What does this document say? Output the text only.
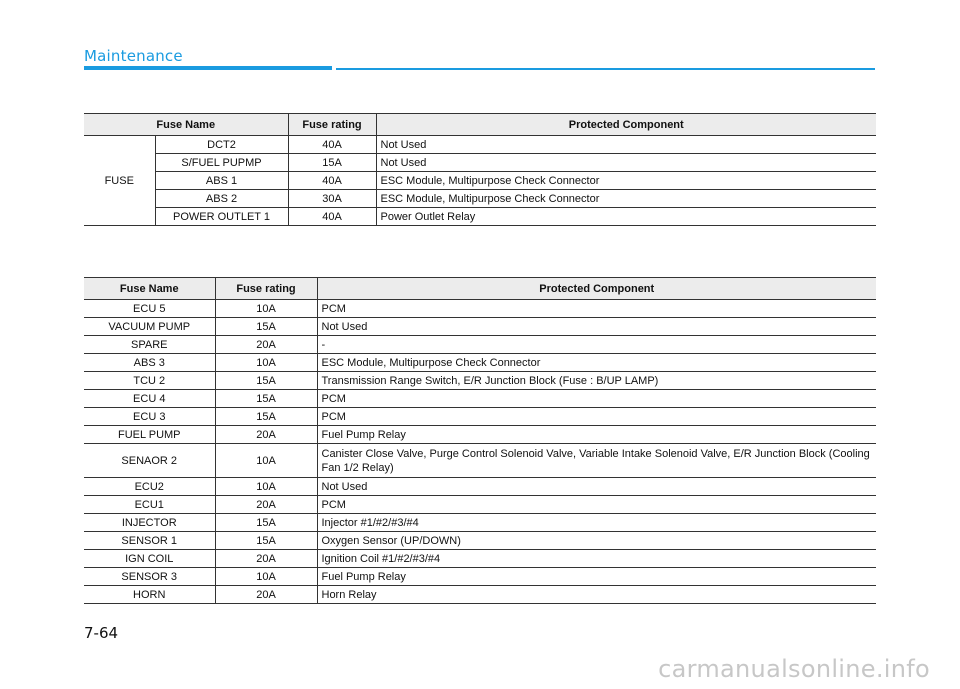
Maintenance
Fuse Name		Fuse rating	Protected Component
FUSE	DCT2	40A	Not Used
	S/FUEL PUPMP	15A	Not Used
	ABS 1	40A	ESC Module, Multipurpose Check Connector
	ABS 2	30A	ESC Module, Multipurpose Check Connector
	POWER OUTLET 1	40A	Power Outlet Relay
Fuse Name	Fuse rating	Protected Component
ECU 5	10A	PCM
VACUUM PUMP	15A	Not Used
SPARE	20A	-
ABS 3	10A	ESC Module, Multipurpose Check Connector
TCU 2	15A	Transmission Range Switch, E/R Junction Block (Fuse : B/UP LAMP)
ECU 4	15A	PCM
ECU 3	15A	PCM
FUEL PUMP	20A	Fuel Pump Relay
SENAOR 2	10A	Canister Close Valve, Purge Control Solenoid Valve, Variable Intake Solenoid Valve, E/R Junction Block (Cooling Fan 1/2 Relay)
ECU2	10A	Not Used
ECU1	20A	PCM
INJECTOR	15A	Injector #1/#2/#3/#4
SENSOR 1	15A	Oxygen Sensor (UP/DOWN)
IGN COIL	20A	Ignition Coil #1/#2/#3/#4
SENSOR 3	10A	Fuel Pump Relay
HORN	20A	Horn Relay
7-64
carmanualsonline.info
